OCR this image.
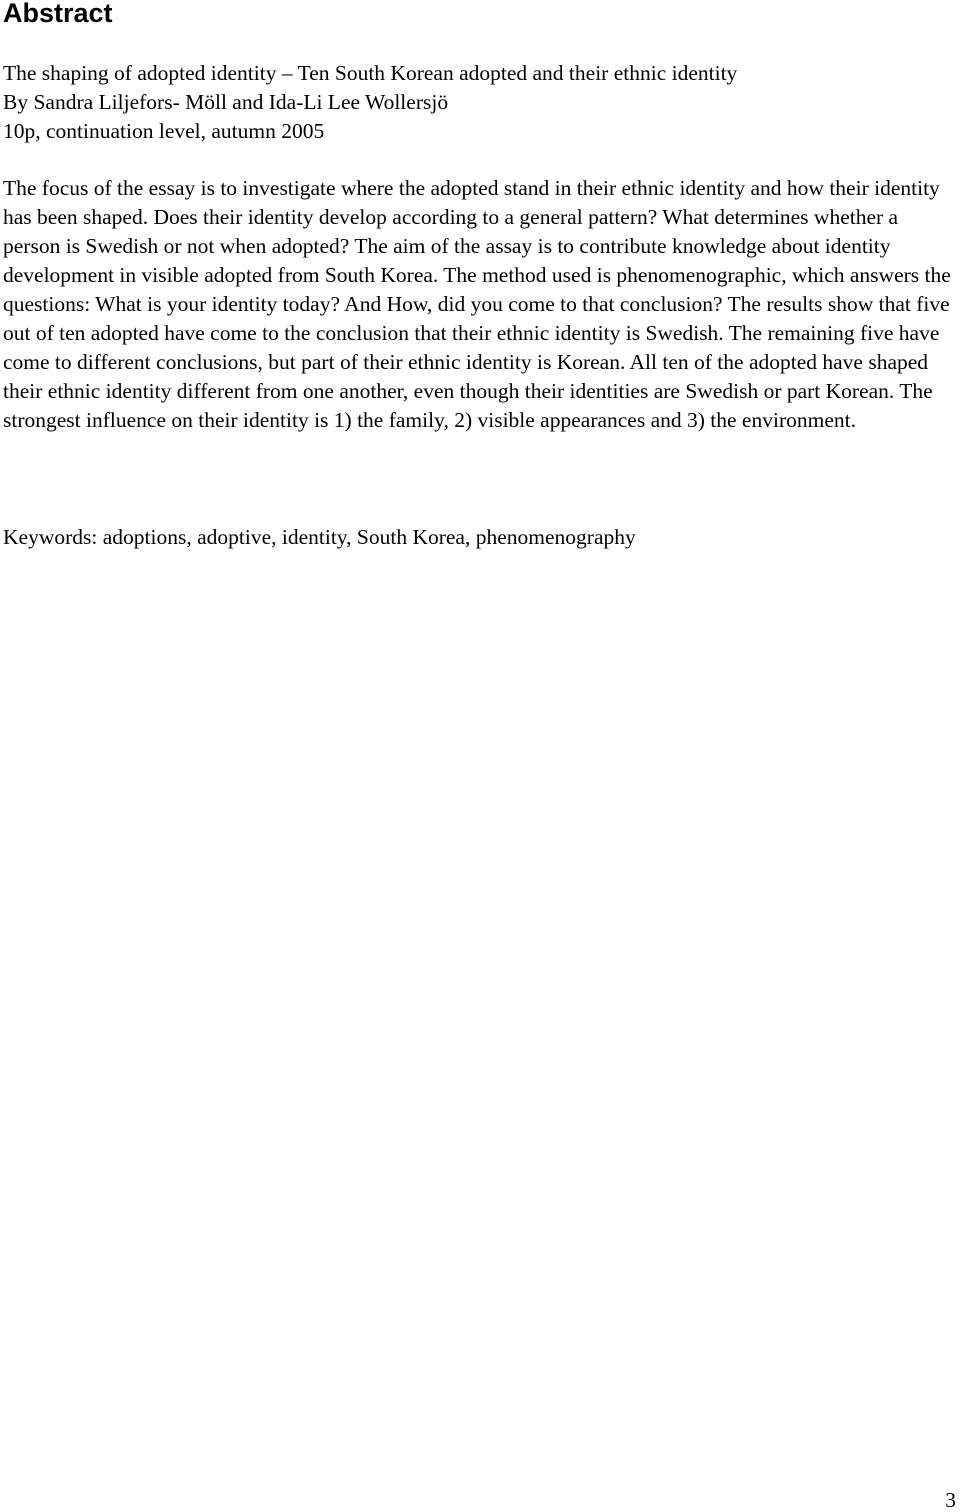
Abstract
The shaping of adopted identity – Ten South Korean adopted and their ethnic identity
By Sandra Liljefors- Möll and Ida-Li Lee Wollersjö
10p, continuation level, autumn 2005

The focus of the essay is to investigate where the adopted stand in their ethnic identity and how their identity has been shaped. Does their identity develop according to a general pattern? What determines whether a person is Swedish or not when adopted? The aim of the assay is to contribute knowledge about identity development in visible adopted from South Korea. The method used is phenomenographic, which answers the questions: What is your identity today? And How, did you come to that conclusion? The results show that five out of ten adopted have come to the conclusion that their ethnic identity is Swedish. The remaining five have come to different conclusions, but part of their ethnic identity is Korean. All ten of the adopted have shaped their ethnic identity different from one another, even though their identities are Swedish or part Korean. The strongest influence on their identity is 1) the family, 2) visible appearances and 3) the environment.

Keywords: adoptions, adoptive, identity, South Korea, phenomenography

3
